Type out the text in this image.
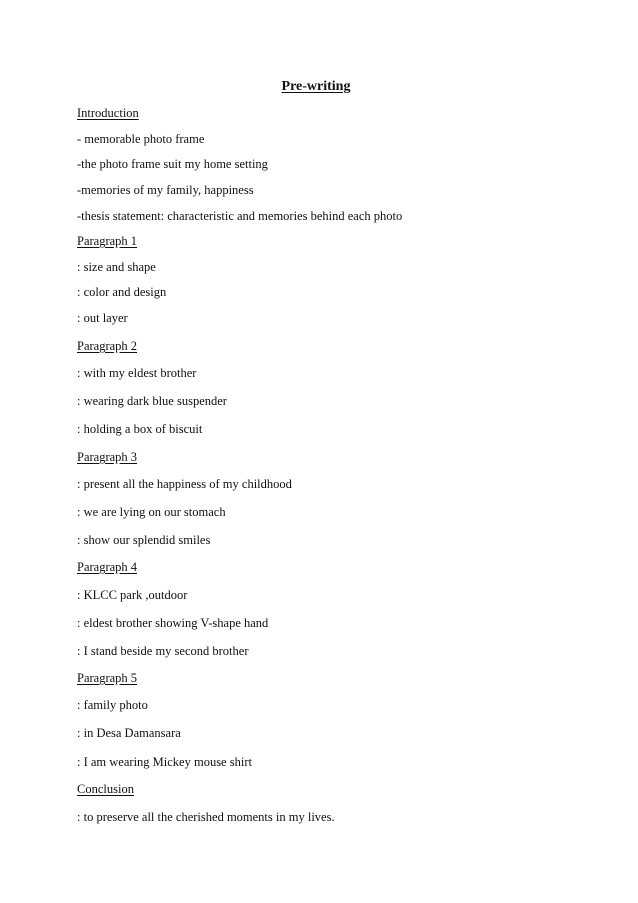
Pre-writing
Introduction
- memorable photo frame
-the photo frame suit my home setting
-memories of my family, happiness
-thesis statement: characteristic and memories behind each photo
Paragraph 1
: size and shape
: color and design
: out layer
Paragraph 2
: with my eldest brother
: wearing dark blue suspender
: holding a box of biscuit
Paragraph 3
: present all the happiness of my childhood
: we are lying on our stomach
: show our splendid smiles
Paragraph 4
: KLCC park ,outdoor
: eldest brother showing V-shape hand
: I stand beside my second brother
Paragraph 5
: family photo
: in Desa Damansara
: I am wearing Mickey mouse shirt
Conclusion
: to preserve all the cherished moments in my lives.
